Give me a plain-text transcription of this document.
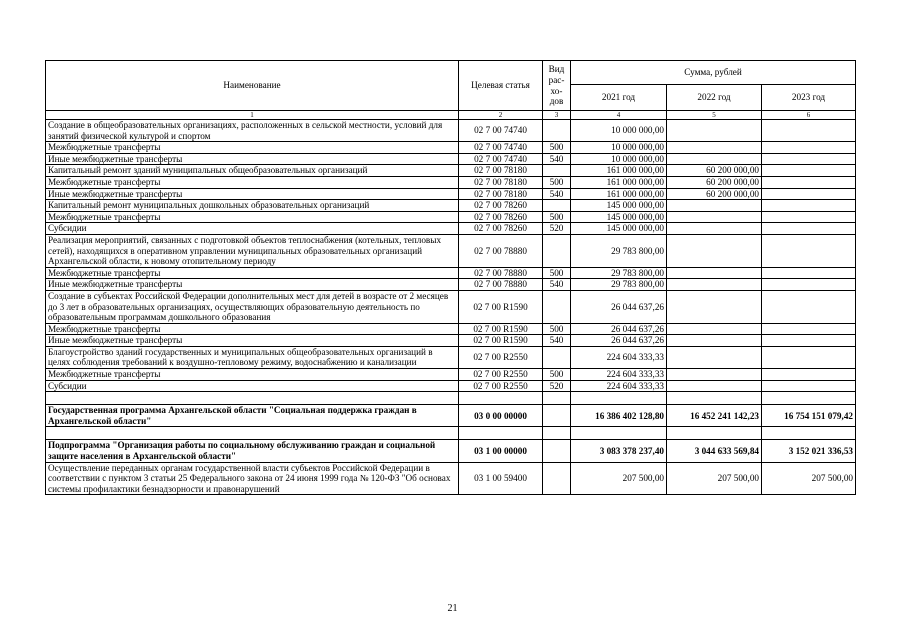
Наименование	Целевая статья	Вид рас-хо-дов	Сумма, рублей		
			2021 год	2022 год	2023 год
1	2	3	4	5	6
Создание в общеобразовательных организациях, расположенных в сельской местности, условий для занятий физической культурой и спортом	02 7 00 74740		10 000 000,00		
Межбюджетные трансферты	02 7 00 74740	500	10 000 000,00		
Иные межбюджетные трансферты	02 7 00 74740	540	10 000 000,00		
Капитальный ремонт зданий муниципальных общеобразовательных организаций	02 7 00 78180		161 000 000,00	60 200 000,00	
Межбюджетные трансферты	02 7 00 78180	500	161 000 000,00	60 200 000,00	
Иные межбюджетные трансферты	02 7 00 78180	540	161 000 000,00	60 200 000,00	
Капитальный ремонт муниципальных дошкольных образовательных организаций	02 7 00 78260		145 000 000,00		
Межбюджетные трансферты	02 7 00 78260	500	145 000 000,00		
Субсидии	02 7 00 78260	520	145 000 000,00		
Реализация мероприятий, связанных с подготовкой объектов теплоснабжения (котельных, тепловых сетей), находящихся в оперативном управлении муниципальных образовательных организаций Архангельской области, к новому отопительному периоду	02 7 00 78880		29 783 800,00		
Межбюджетные трансферты	02 7 00 78880	500	29 783 800,00		
Иные межбюджетные трансферты	02 7 00 78880	540	29 783 800,00		
Создание в субъектах Российской Федерации дополнительных мест для детей в возрасте от 2 месяцев до 3 лет в образовательных организациях, осуществляющих образовательную деятельность по образовательным программам дошкольного образования	02 7 00 R1590		26 044 637,26		
Межбюджетные трансферты	02 7 00 R1590	500	26 044 637,26		
Иные межбюджетные трансферты	02 7 00 R1590	540	26 044 637,26		
Благоустройство зданий государственных и муниципальных общеобразовательных организаций в целях соблюдения требований к воздушно-тепловому режиму, водоснабжению и канализации	02 7 00 R2550		224 604 333,33		
Межбюджетные трансферты	02 7 00 R2550	500	224 604 333,33		
Субсидии	02 7 00 R2550	520	224 604 333,33		

Государственная программа Архангельской области "Социальная поддержка граждан в Архангельской области"	03 0 00 00000		16 386 402 128,80	16 452 241 142,23	16 754 151 079,42

Подпрограмма "Организация работы по социальному обслуживанию граждан и социальной защите населения в Архангельской области"	03 1 00 00000		3 083 378 237,40	3 044 633 569,84	3 152 021 336,53
Осуществление переданных органам государственной власти субъектов Российской Федерации в соответствии с пунктом 3 статьи 25 Федерального закона от 24 июня 1999 года № 120-ФЗ "Об основах системы профилактики безнадзорности и правонарушений	03 1 00 59400		207 500,00	207 500,00	207 500,00
21
